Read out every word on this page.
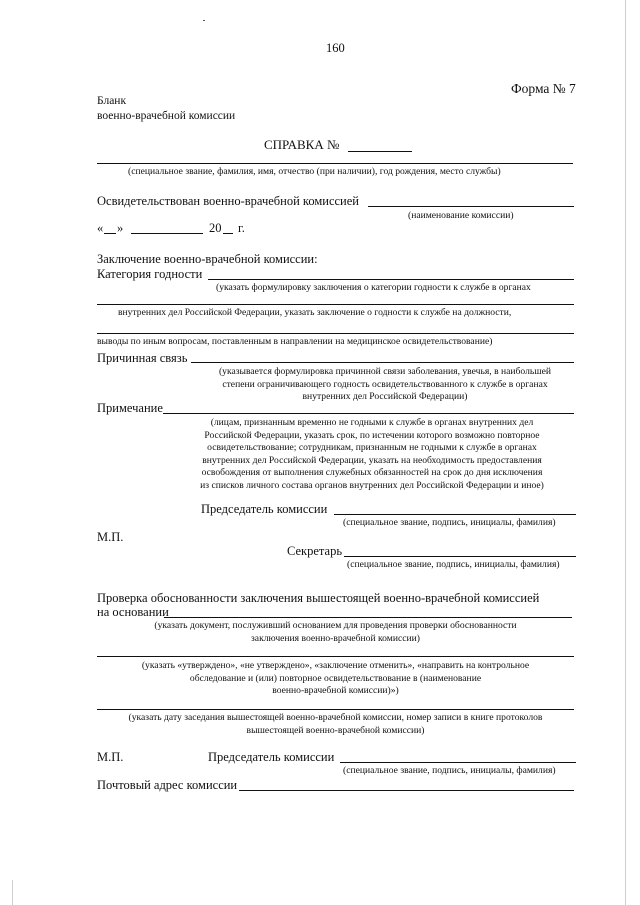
160
Форма № 7
Бланк
военно-врачебной комиссии
СПРАВКА №
(специальное звание, фамилия, имя, отчество (при наличии), год рождения, место службы)
Освидетельствован военно-врачебной комиссией
(наименование комиссии)
« »	20 г.
Заключение военно-врачебной комиссии:
Категория годности
(указать формулировку заключения о категории годности к службе в органах
внутренних дел Российской Федерации, указать заключение о годности к службе на должности,
выводы по иным вопросам, поставленным в направлении на медицинское освидетельствование)
Причинная связь
(указывается формулировка причинной связи заболевания, увечья, в наибольшей
степени ограничивающего годность освидетельствованного к службе в органах
внутренних дел Российской Федерации)
Примечание
(лицам, признанным временно не годными к службе в органах внутренних дел
Российской Федерации, указать срок, по истечении которого возможно повторное
освидетельствование; сотрудникам, признанным не годными к службе в органах
внутренних дел Российской Федерации, указать на необходимость предоставления
освобождения от выполнения служебных обязанностей на срок до дня исключения
из списков личного состава органов внутренних дел Российской Федерации и иное)
Председатель комиссии
(специальное звание, подпись, инициалы, фамилия)
М.П.
Секретарь
(специальное звание, подпись, инициалы, фамилия)
Проверка обоснованности заключения вышестоящей военно-врачебной комиссией
на основании
(указать документ, послуживший основанием для проведения проверки обоснованности
заключения военно-врачебной комиссии)
(указать «утверждено», «не утверждено», «заключение отменить», «направить на контрольное
обследование и (или) повторное освидетельствование в (наименование
военно-врачебной комиссии)»)
(указать дату заседания вышестоящей военно-врачебной комиссии, номер записи в книге протоколов
вышестоящей военно-врачебной комиссии)
М.П.	Председатель комиссии
(специальное звание, подпись, инициалы, фамилия)
Почтовый адрес комиссии
